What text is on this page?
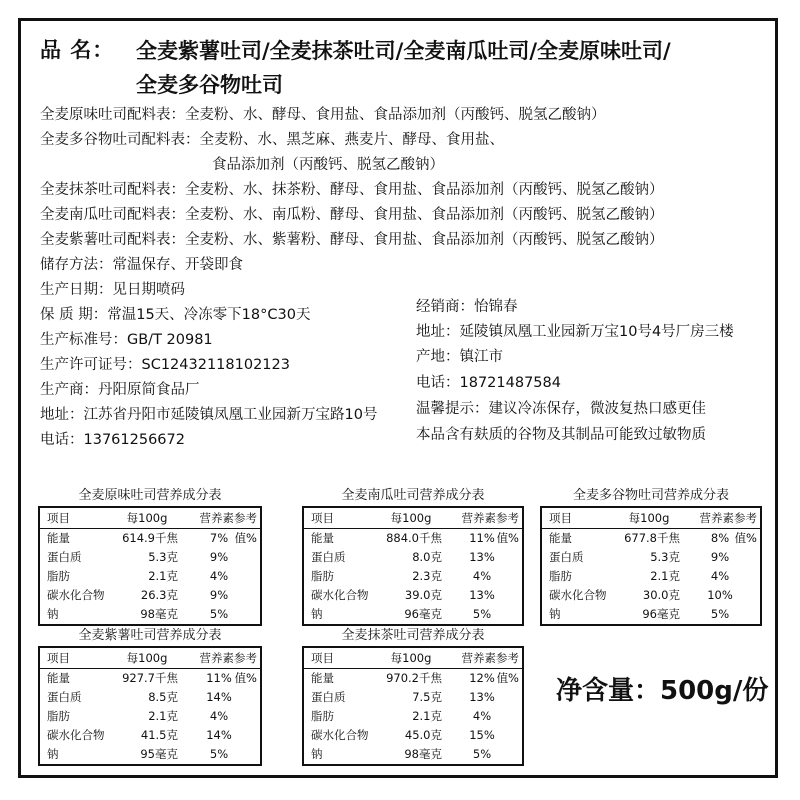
品 名： 全麦紫薯吐司/全麦抹茶吐司/全麦南瓜吐司/全麦原味吐司/
全麦多谷物吐司
全麦原味吐司配料表：全麦粉、水、酵母、食用盐、食品添加剂（丙酸钙、脱氢乙酸钠）
全麦多谷物吐司配料表：全麦粉、水、黑芝麻、燕麦片、酵母、食用盐、
食品添加剂（丙酸钙、脱氢乙酸钠）
全麦抹茶吐司配料表：全麦粉、水、抹茶粉、酵母、食用盐、食品添加剂（丙酸钙、脱氢乙酸钠）
全麦南瓜吐司配料表：全麦粉、水、南瓜粉、酵母、食用盐、食品添加剂（丙酸钙、脱氢乙酸钠）
全麦紫薯吐司配料表：全麦粉、水、紫薯粉、酵母、食用盐、食品添加剂（丙酸钙、脱氢乙酸钠）
储存方法：常温保存、开袋即食
生产日期：见日期喷码
保 质 期：常温15天、冷冻零下18°C30天
生产标准号：GB/T 20981
生产许可证号：SC12432118102123
生产商：丹阳原简食品厂
地址：江苏省丹阳市延陵镇凤凰工业园新万宝路10号
电话：13761256672
经销商：怡锦春
地址：延陵镇凤凰工业园新万宝10号4号厂房三楼
产地：镇江市
电话：18721487584
温馨提示：建议冷冻保存，微波复热口感更佳
本品含有麸质的谷物及其制品可能致过敏物质
全麦原味吐司营养成分表
项目	每100g	营养素参考值%
能量	614.9千焦	7%
蛋白质	5.3克	9%
脂肪	2.1克	4%
碳水化合物	26.3克	9%
钠	98毫克	5%
全麦南瓜吐司营养成分表
项目	每100g	营养素参考值%
能量	884.0千焦	11%
蛋白质	8.0克	13%
脂肪	2.3克	4%
碳水化合物	39.0克	13%
钠	96毫克	5%
全麦多谷物吐司营养成分表
项目	每100g	营养素参考值%
能量	677.8千焦	8%
蛋白质	5.3克	9%
脂肪	2.1克	4%
碳水化合物	30.0克	10%
钠	96毫克	5%
全麦紫薯吐司营养成分表
项目	每100g	营养素参考值%
能量	927.7千焦	11%
蛋白质	8.5克	14%
脂肪	2.1克	4%
碳水化合物	41.5克	14%
钠	95毫克	5%
全麦抹茶吐司营养成分表
项目	每100g	营养素参考值%
能量	970.2千焦	12%
蛋白质	7.5克	13%
脂肪	2.1克	4%
碳水化合物	45.0克	15%
钠	98毫克	5%
净含量：500g/份
